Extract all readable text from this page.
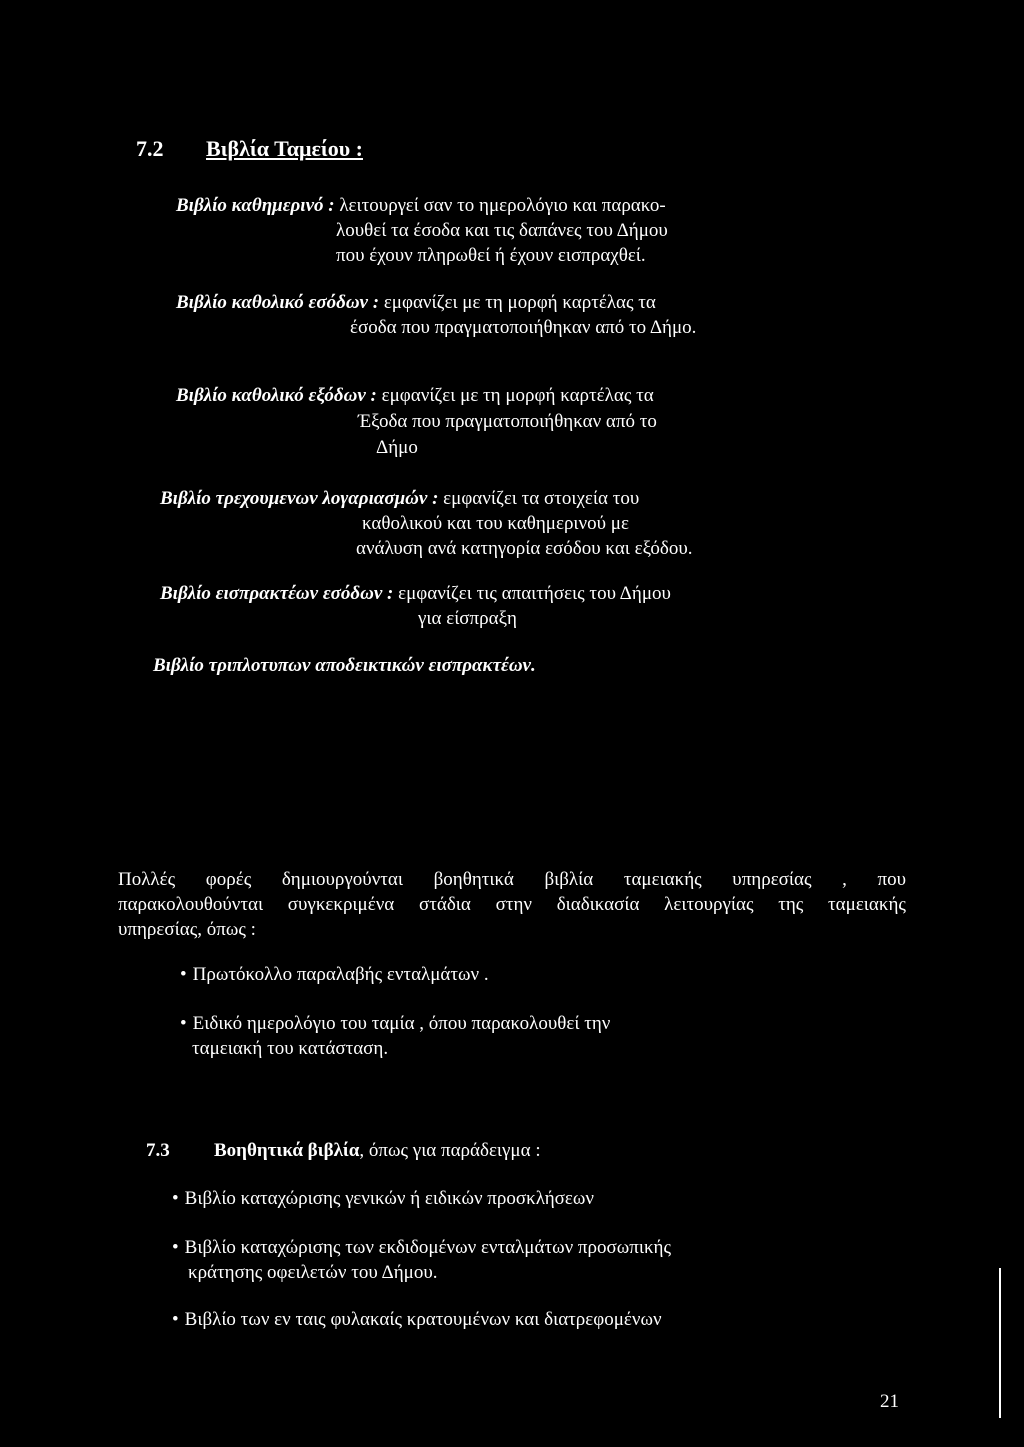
7.2 Βιβλία Ταμείου :
Βιβλίο καθημερινό : λειτουργεί σαν το ημερολόγιο και παρακο-
λουθεί τα έσοδα και τις δαπάνες του Δήμου
που έχουν πληρωθεί ή έχουν εισπραχθεί.
Βιβλίο καθολικό εσόδων : εμφανίζει με τη μορφή καρτέλας τα
έσοδα που πραγματοποιήθηκαν από το Δήμο.
Βιβλίο καθολικό εξόδων : εμφανίζει με τη μορφή καρτέλας τα
Έξοδα που πραγματοποιήθηκαν από το
Δήμο
Βιβλίο τρεχουμενων λογαριασμών : εμφανίζει τα στοιχεία του
καθολικού και του καθημερινού με
ανάλυση ανά κατηγορία εσόδου και εξόδου.
Βιβλίο εισπρακτέων εσόδων : εμφανίζει τις απαιτήσεις του Δήμου
για είσπραξη
Βιβλίο τριπλοτυπων αποδεικτικών εισπρακτέων.
Πολλές φορές δημιουργούνται βοηθητικά βιβλία ταμειακής υπηρεσίας , που
παρακολουθούνται συγκεκριμένα στάδια στην διαδικασία λειτουργίας της ταμειακής
υπηρεσίας, όπως :
• Πρωτόκολλο παραλαβής ενταλμάτων .
• Ειδικό ημερολόγιο του ταμία , όπου παρακολουθεί την
ταμειακή του κατάσταση.
7.3 Βοηθητικά βιβλία, όπως για παράδειγμα :
• Βιβλίο καταχώρισης γενικών ή ειδικών προσκλήσεων
• Βιβλίο καταχώρισης των εκδιδομένων ενταλμάτων προσωπικής
κράτησης οφειλετών του Δήμου.
• Βιβλίο των εν ταις φυλακαίς κρατουμένων και διατρεφομένων
21
